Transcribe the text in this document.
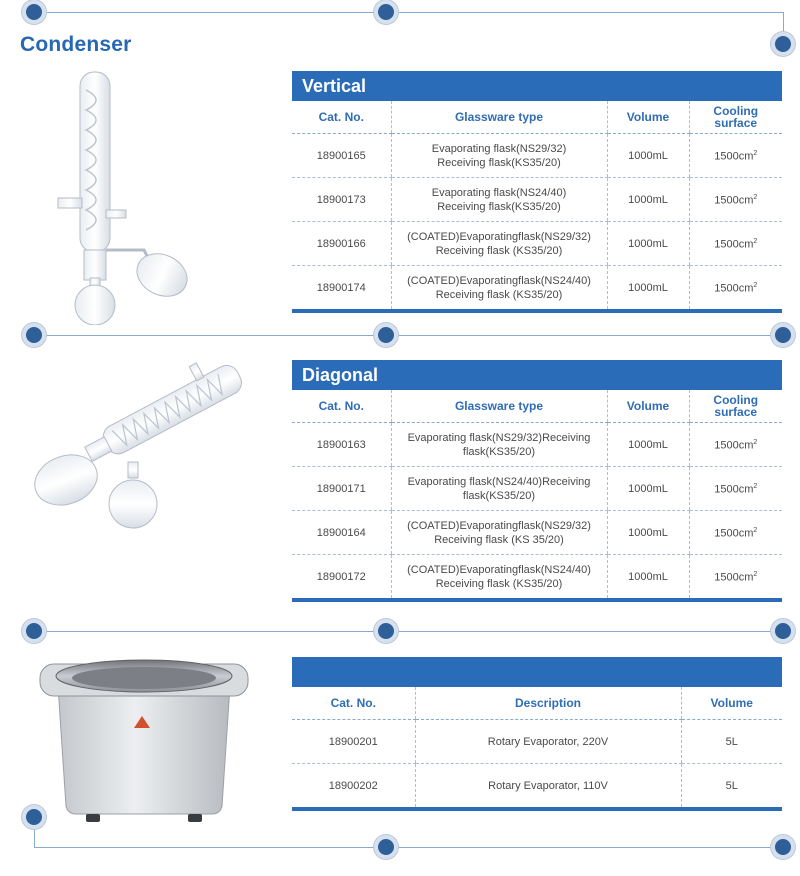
Condenser
Vertical
Cat. No.	Glassware type	Volume	Cooling
surface

18900165	Evaporating flask(NS29/32)
Receiving flask(KS35/20)	1000mL	$1500cm^2$
18900173	Evaporating flask(NS24/40)
Receiving flask(KS35/20)	1000mL	$1500cm^2$
18900166	(COATED)Evaporatingflask(NS29/32)
Receiving flask (KS35/20)	1000mL	$1500cm^2$
18900174	(COATED)Evaporatingflask(NS24/40)
Receiving flask (KS35/20)	1000mL	$1500cm^2$
Diagonal
Cat. No.	Glassware type	Volume	Cooling
surface

18900163	Evaporating flask(NS29/32)Receiving
flask(KS35/20)	1000mL	$1500cm^2$
18900171	Evaporating flask(NS24/40)Receiving
flask(KS35/20)	1000mL	$1500cm^2$
18900164	(COATED)Evaporatingflask(NS29/32)
Receiving flask (KS 35/20)	1000mL	$1500cm^2$
18900172	(COATED)Evaporatingflask(NS24/40)
Receiving flask (KS35/20)	1000mL	$1500cm^2$
Cat. No.	Description	Volume
18900201	Rotary Evaporator, 220V	5L
18900202	Rotary Evaporator, 110V	5L
